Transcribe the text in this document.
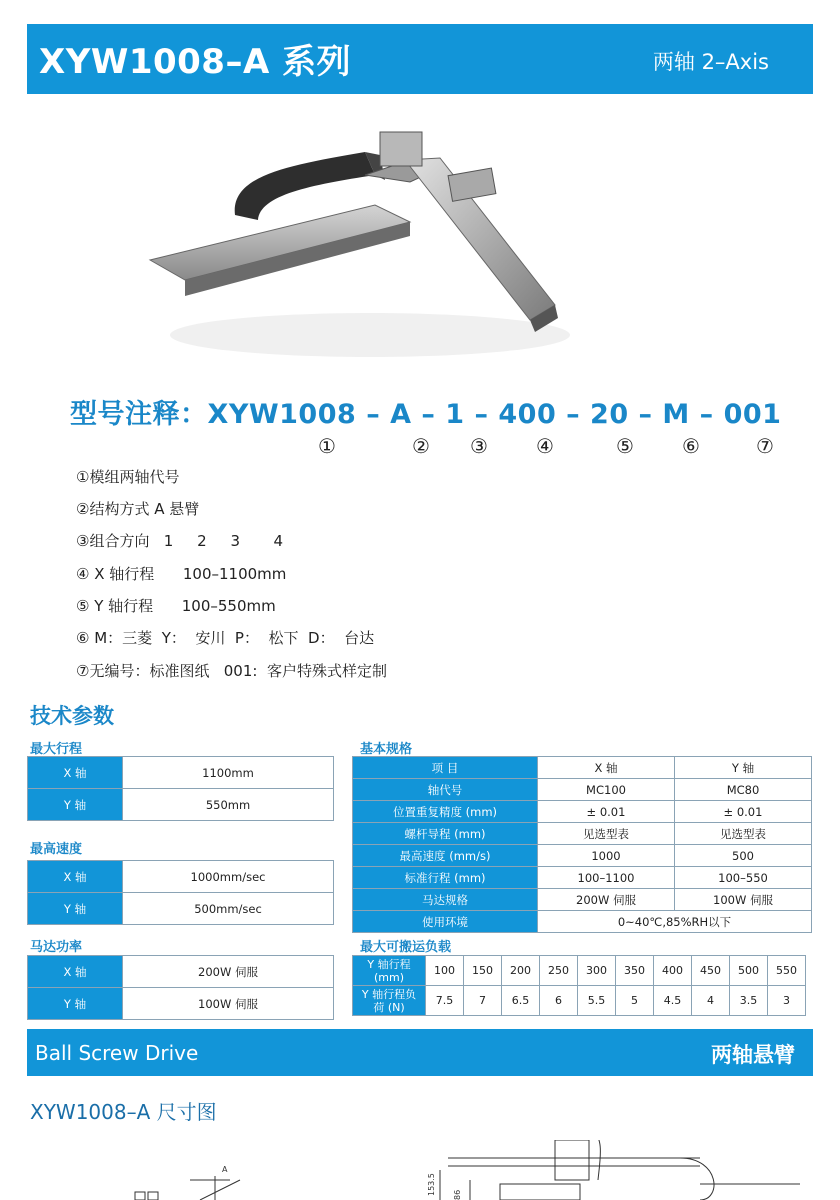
XYW1008–A 系列	两轴 2–Axis
型号注释：XYW1008 – A – 1 – 400 – 20 – M – 001
①	② ③ ④	⑤ ⑥	⑦
①模组两轴代号
②结构方式 A 悬臂
③组合方向   1     2     3       4
④ X 轴行程      100–1100mm
⑤ Y 轴行程      100–550mm
⑥ M：三菱  Y：  安川  P：  松下  D：  台达
⑦无编号：标准图纸   001:  客户特殊式样定制
技术参数
最大行程
X 轴	1100mm
Y 轴	550mm
最高速度
X 轴	1000mm/sec
Y 轴	500mm/sec
马达功率
X 轴	200W 伺服
Y 轴	100W 伺服
基本规格
项 目	X 轴	Y 轴
轴代号	MC100	MC80
位置重复精度 (mm)	± 0.01	± 0.01
螺杆导程 (mm)	见选型表	见选型表
最高速度 (mm/s)	1000	500
标准行程 (mm)	100–1100	100–550
马达规格	200W 伺服	100W 伺服
使用环境	0~40℃,85%RH以下	
最大可搬运负载
Y 轴行程
(mm)	100	150	200	250	300	350	400	450	500	550
Y 轴行程负
荷 (N)	7.5	7	6.5	6	5.5	5	4.5	4	3.5	3
Ball Screw Drive	两轴悬臂
XYW1008–A 尺寸图
A
153.5 86
